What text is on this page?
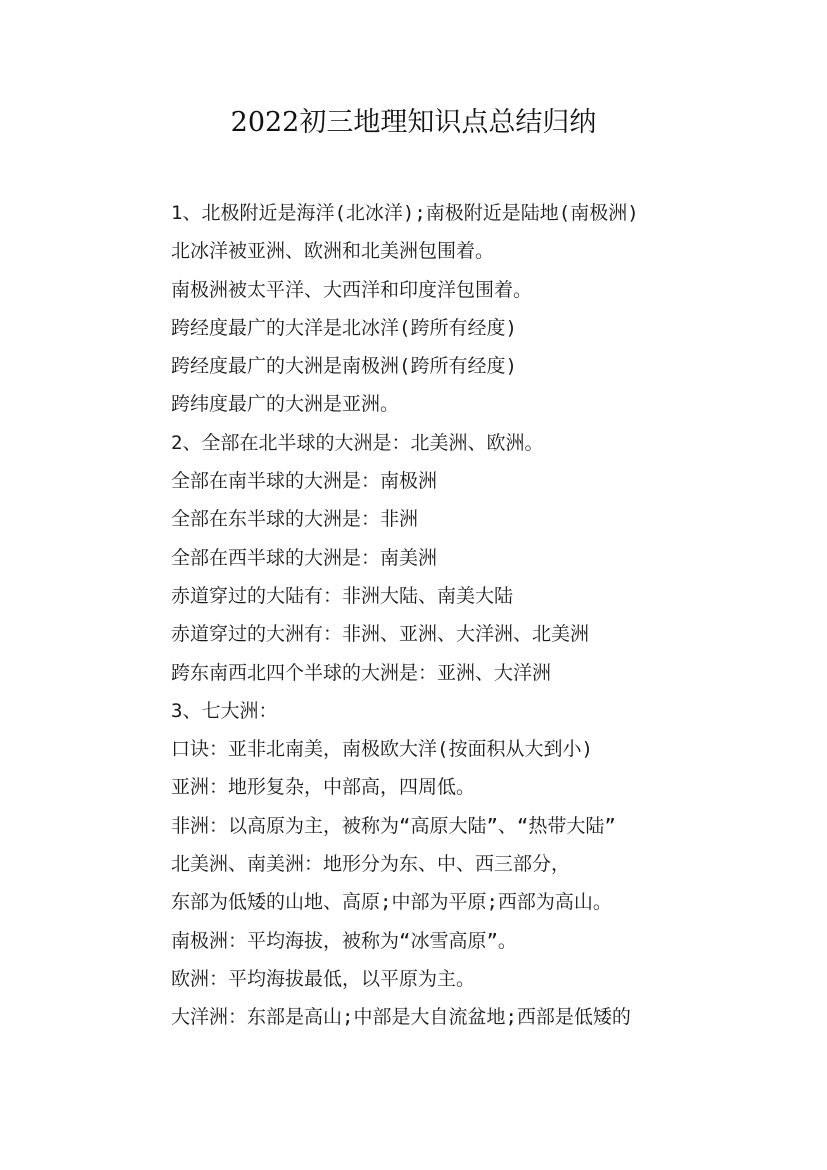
2022初三地理知识点总结归纳
1、北极附近是海洋(北冰洋);南极附近是陆地(南极洲)
北冰洋被亚洲、欧洲和北美洲包围着。
南极洲被太平洋、大西洋和印度洋包围着。
跨经度最广的大洋是北冰洋(跨所有经度)
跨经度最广的大洲是南极洲(跨所有经度)
跨纬度最广的大洲是亚洲。
2、全部在北半球的大洲是：北美洲、欧洲。
全部在南半球的大洲是：南极洲
全部在东半球的大洲是：非洲
全部在西半球的大洲是：南美洲
赤道穿过的大陆有：非洲大陆、南美大陆
赤道穿过的大洲有：非洲、亚洲、大洋洲、北美洲
跨东南西北四个半球的大洲是：亚洲、大洋洲
3、七大洲：
口诀：亚非北南美，南极欧大洋(按面积从大到小)
亚洲：地形复杂，中部高，四周低。
非洲：以高原为主，被称为“高原大陆”、“热带大陆”
北美洲、南美洲：地形分为东、中、西三部分，
东部为低矮的山地、高原;中部为平原;西部为高山。
南极洲：平均海拔，被称为“冰雪高原”。
欧洲：平均海拔最低，以平原为主。
大洋洲：东部是高山;中部是大自流盆地;西部是低矮的
